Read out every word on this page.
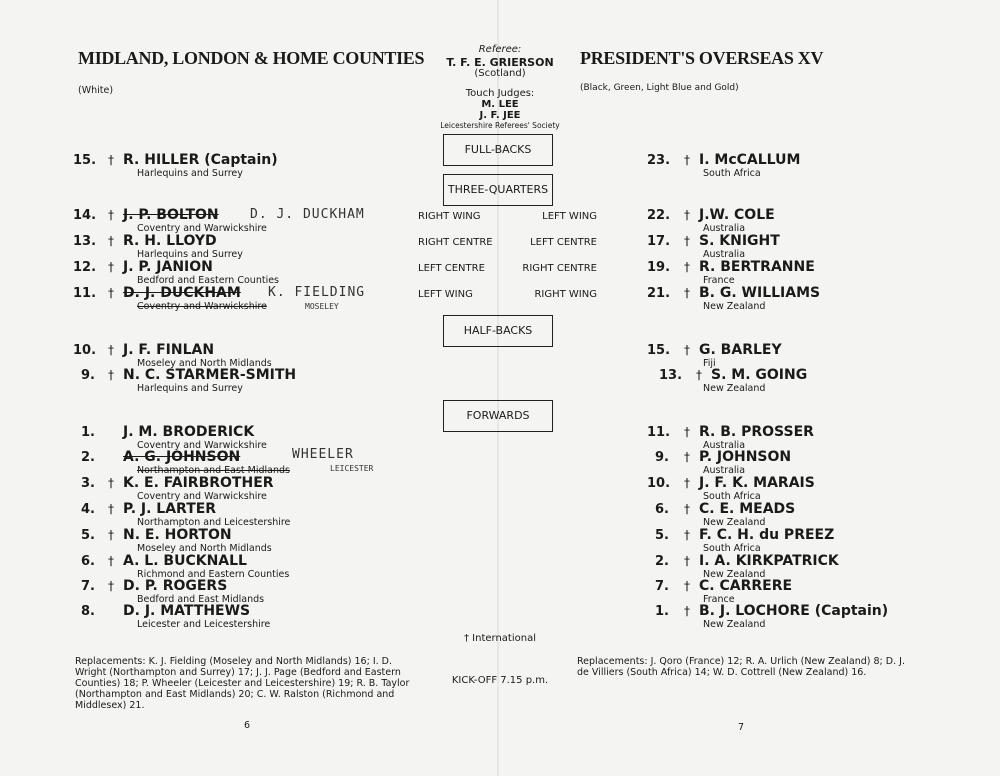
MIDLAND, LONDON & HOME COUNTIES
(White)
PRESIDENT'S OVERSEAS XV
(Black, Green, Light Blue and Gold)
Referee:
T. F. E. GRIERSON
(Scotland)
Touch Judges:
M. LEE
J. F. JEE
Leicestershire Referees' Society
FULL-BACKS
THREE-QUARTERS
HALF-BACKS
FORWARDS
RIGHT WING	LEFT WING
RIGHT CENTRE	LEFT CENTRE
LEFT CENTRE	RIGHT CENTRE
LEFT WING	RIGHT WING
† International
KICK-OFF 7.15 p.m.
15. † R. HILLER (Captain)
Harlequins and Surrey
14. † J. P. BOLTON
Coventry and Warwickshire
D. J. DUCKHAM
13. † R. H. LLOYD
Harlequins and Surrey
12. † J. P. JANION
Bedford and Eastern Counties
11. † D. J. DUCKHAM
Coventry and Warwickshire
K. FIELDING
MOSELEY
10. † J. F. FINLAN
Moseley and North Midlands
9. † N. C. STARMER-SMITH
Harlequins and Surrey
1. J. M. BRODERICK
Coventry and Warwickshire
2. A. G. JOHNSON
Northampton and East Midlands
WHEELER
LEICESTER
3. † K. E. FAIRBROTHER
Coventry and Warwickshire
4. † P. J. LARTER
Northampton and Leicestershire
5. † N. E. HORTON
Moseley and North Midlands
6. † A. L. BUCKNALL
Richmond and Eastern Counties
7. † D. P. ROGERS
Bedford and East Midlands
8. D. J. MATTHEWS
Leicester and Leicestershire
23. † I. McCALLUM
South Africa
22. † J.W. COLE
Australia
17. † S. KNIGHT
Australia
19. † R. BERTRANNE
France
21. † B. G. WILLIAMS
New Zealand
15. † G. BARLEY
Fiji
13. † S. M. GOING
New Zealand
11. † R. B. PROSSER
Australia
9. † P. JOHNSON
Australia
10. † J. F. K. MARAIS
South Africa
6. † C. E. MEADS
New Zealand
5. † F. C. H. du PREEZ
South Africa
2. † I. A. KIRKPATRICK
New Zealand
7. † C. CARRERE
France
1. † B. J. LOCHORE (Captain)
New Zealand
Replacements: K. J. Fielding (Moseley and North Midlands) 16; I. D. Wright (Northampton and Surrey) 17; J. J. Page (Bedford and Eastern Counties) 18; P. Wheeler (Leicester and Leicestershire) 19; R. B. Taylor (Northampton and East Midlands) 20; C. W. Ralston (Richmond and Middlesex) 21.
Replacements: J. Qoro (France) 12; R. A. Urlich (New Zealand) 8; D. J. de Villiers (South Africa) 14; W. D. Cottrell (New Zealand) 16.
6	7
